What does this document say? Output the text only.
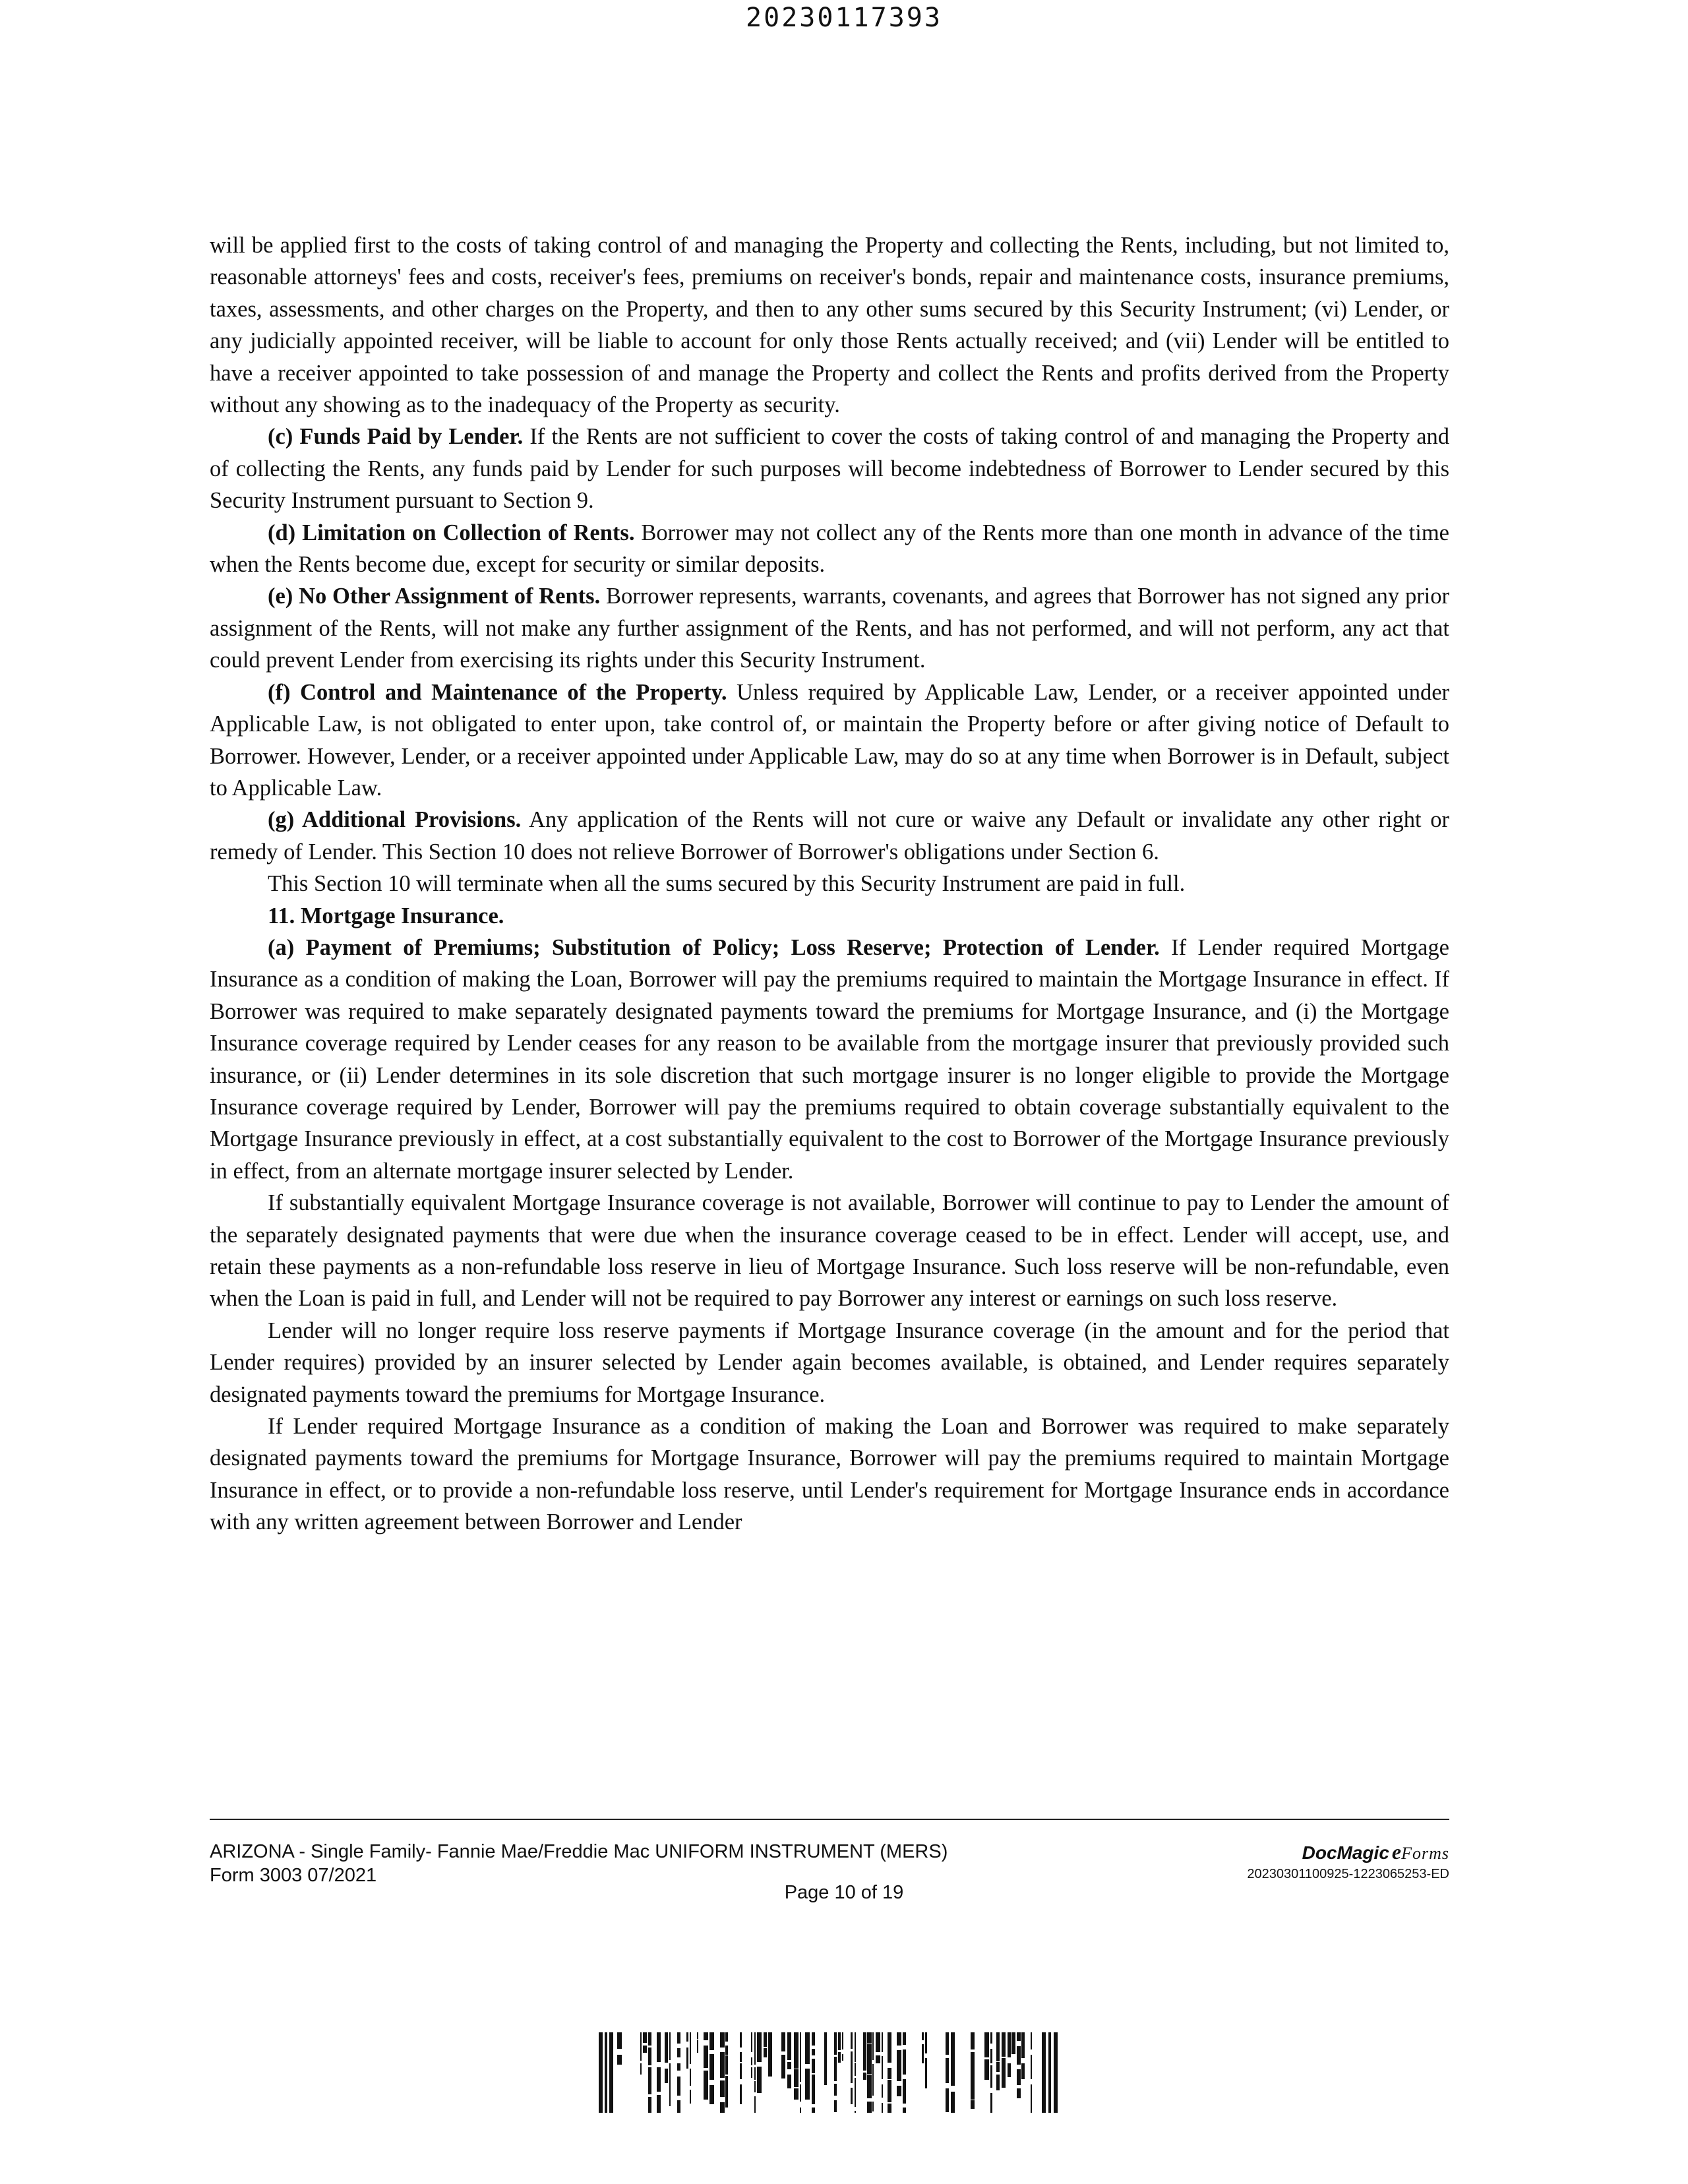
20230117393

will be applied first to the costs of taking control of and managing the Property and collecting the Rents, including, but not limited to, reasonable attorneys' fees and costs, receiver's fees, premiums on receiver's bonds, repair and maintenance costs, insurance premiums, taxes, assessments, and other charges on the Property, and then to any other sums secured by this Security Instrument; (vi) Lender, or any judicially appointed receiver, will be liable to account for only those Rents actually received; and (vii) Lender will be entitled to have a receiver appointed to take possession of and manage the Property and collect the Rents and profits derived from the Property without any showing as to the inadequacy of the Property as security.

(c) Funds Paid by Lender. If the Rents are not sufficient to cover the costs of taking control of and managing the Property and of collecting the Rents, any funds paid by Lender for such purposes will become indebtedness of Borrower to Lender secured by this Security Instrument pursuant to Section 9.

(d) Limitation on Collection of Rents. Borrower may not collect any of the Rents more than one month in advance of the time when the Rents become due, except for security or similar deposits.

(e) No Other Assignment of Rents. Borrower represents, warrants, covenants, and agrees that Borrower has not signed any prior assignment of the Rents, will not make any further assignment of the Rents, and has not performed, and will not perform, any act that could prevent Lender from exercising its rights under this Security Instrument.

(f) Control and Maintenance of the Property. Unless required by Applicable Law, Lender, or a receiver appointed under Applicable Law, is not obligated to enter upon, take control of, or maintain the Property before or after giving notice of Default to Borrower. However, Lender, or a receiver appointed under Applicable Law, may do so at any time when Borrower is in Default, subject to Applicable Law.

(g) Additional Provisions. Any application of the Rents will not cure or waive any Default or invalidate any other right or remedy of Lender. This Section 10 does not relieve Borrower of Borrower's obligations under Section 6.

This Section 10 will terminate when all the sums secured by this Security Instrument are paid in full.

11. Mortgage Insurance.

(a) Payment of Premiums; Substitution of Policy; Loss Reserve; Protection of Lender. If Lender required Mortgage Insurance as a condition of making the Loan, Borrower will pay the premiums required to maintain the Mortgage Insurance in effect. If Borrower was required to make separately designated payments toward the premiums for Mortgage Insurance, and (i) the Mortgage Insurance coverage required by Lender ceases for any reason to be available from the mortgage insurer that previously provided such insurance, or (ii) Lender determines in its sole discretion that such mortgage insurer is no longer eligible to provide the Mortgage Insurance coverage required by Lender, Borrower will pay the premiums required to obtain coverage substantially equivalent to the Mortgage Insurance previously in effect, at a cost substantially equivalent to the cost to Borrower of the Mortgage Insurance previously in effect, from an alternate mortgage insurer selected by Lender.

If substantially equivalent Mortgage Insurance coverage is not available, Borrower will continue to pay to Lender the amount of the separately designated payments that were due when the insurance coverage ceased to be in effect. Lender will accept, use, and retain these payments as a non-refundable loss reserve in lieu of Mortgage Insurance. Such loss reserve will be non-refundable, even when the Loan is paid in full, and Lender will not be required to pay Borrower any interest or earnings on such loss reserve.

Lender will no longer require loss reserve payments if Mortgage Insurance coverage (in the amount and for the period that Lender requires) provided by an insurer selected by Lender again becomes available, is obtained, and Lender requires separately designated payments toward the premiums for Mortgage Insurance.

If Lender required Mortgage Insurance as a condition of making the Loan and Borrower was required to make separately designated payments toward the premiums for Mortgage Insurance, Borrower will pay the premiums required to maintain Mortgage Insurance in effect, or to provide a non-refundable loss reserve, until Lender's requirement for Mortgage Insurance ends in accordance with any written agreement between Borrower and Lender

ARIZONA - Single Family- Fannie Mae/Freddie Mac UNIFORM INSTRUMENT (MERS)
Form 3003 07/2021
Page 10 of 19
DocMagic eForms
20230301100925-1223065253-ED
